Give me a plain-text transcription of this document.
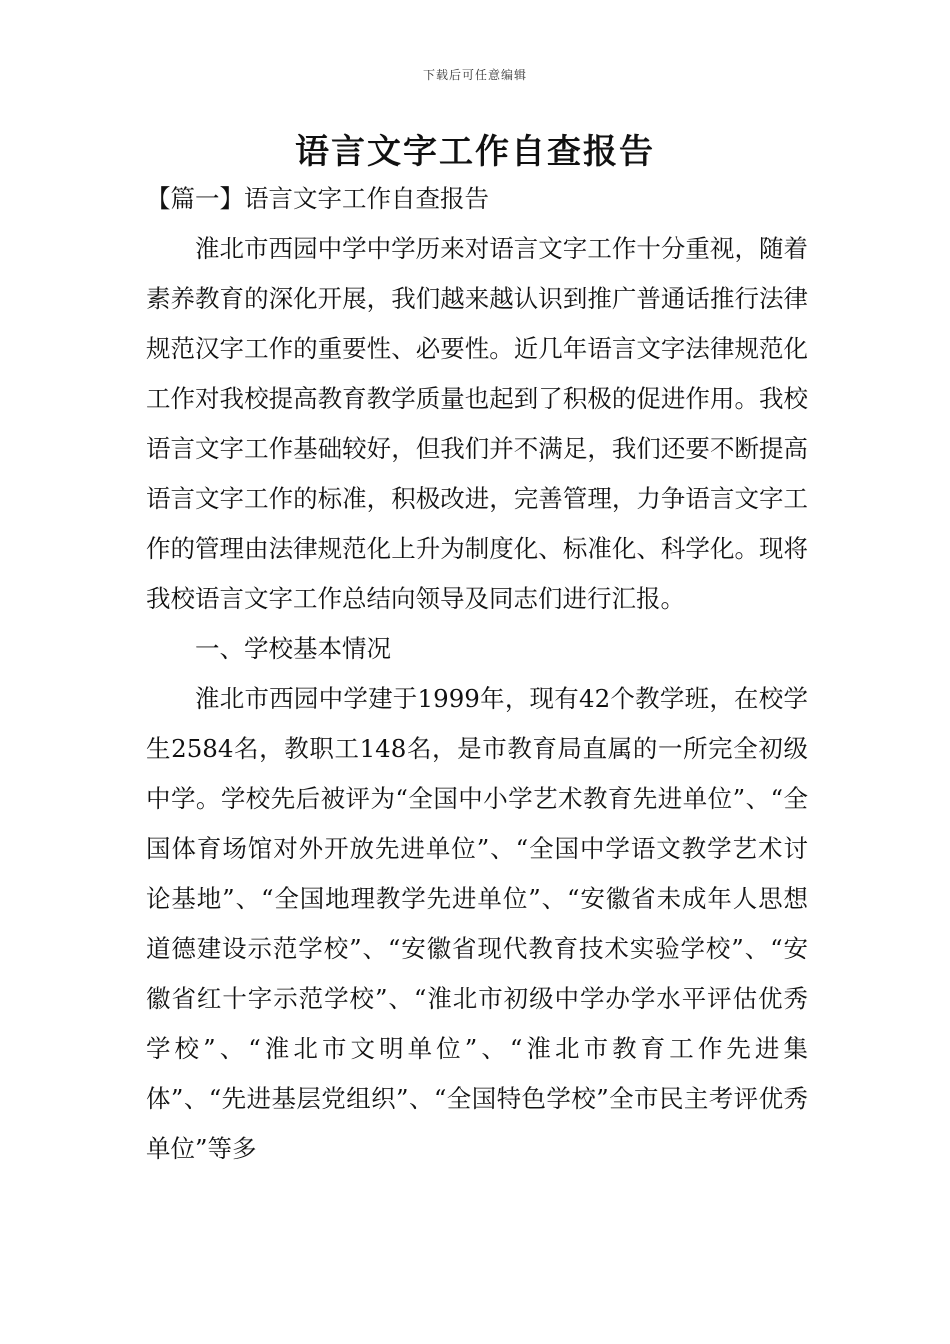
下载后可任意编辑
语言文字工作自查报告

【篇一】语言文字工作自查报告

淮北市西园中学中学历来对语言文字工作十分重视，随着素养教育的深化开展，我们越来越认识到推广普通话推行法律规范汉字工作的重要性、必要性。近几年语言文字法律规范化工作对我校提高教育教学质量也起到了积极的促进作用。我校语言文字工作基础较好，但我们并不满足，我们还要不断提高语言文字工作的标准，积极改进，完善管理，力争语言文字工作的管理由法律规范化上升为制度化、标准化、科学化。现将我校语言文字工作总结向领导及同志们进行汇报。

一、学校基本情况

淮北市西园中学建于1999年，现有42个教学班，在校学生2584名，教职工148名，是市教育局直属的一所完全初级中学。学校先后被评为“全国中小学艺术教育先进单位”、“全国体育场馆对外开放先进单位”、“全国中学语文教学艺术讨论基地”、“全国地理教学先进单位”、“安徽省未成年人思想道德建设示范学校”、“安徽省现代教育技术实验学校”、“安徽省红十字示范学校”、“淮北市初级中学办学水平评估优秀学校”、“淮北市文明单位”、“淮北市教育工作先进集体”、“先进基层党组织”、“全国特色学校”全市民主考评优秀单位”等多
